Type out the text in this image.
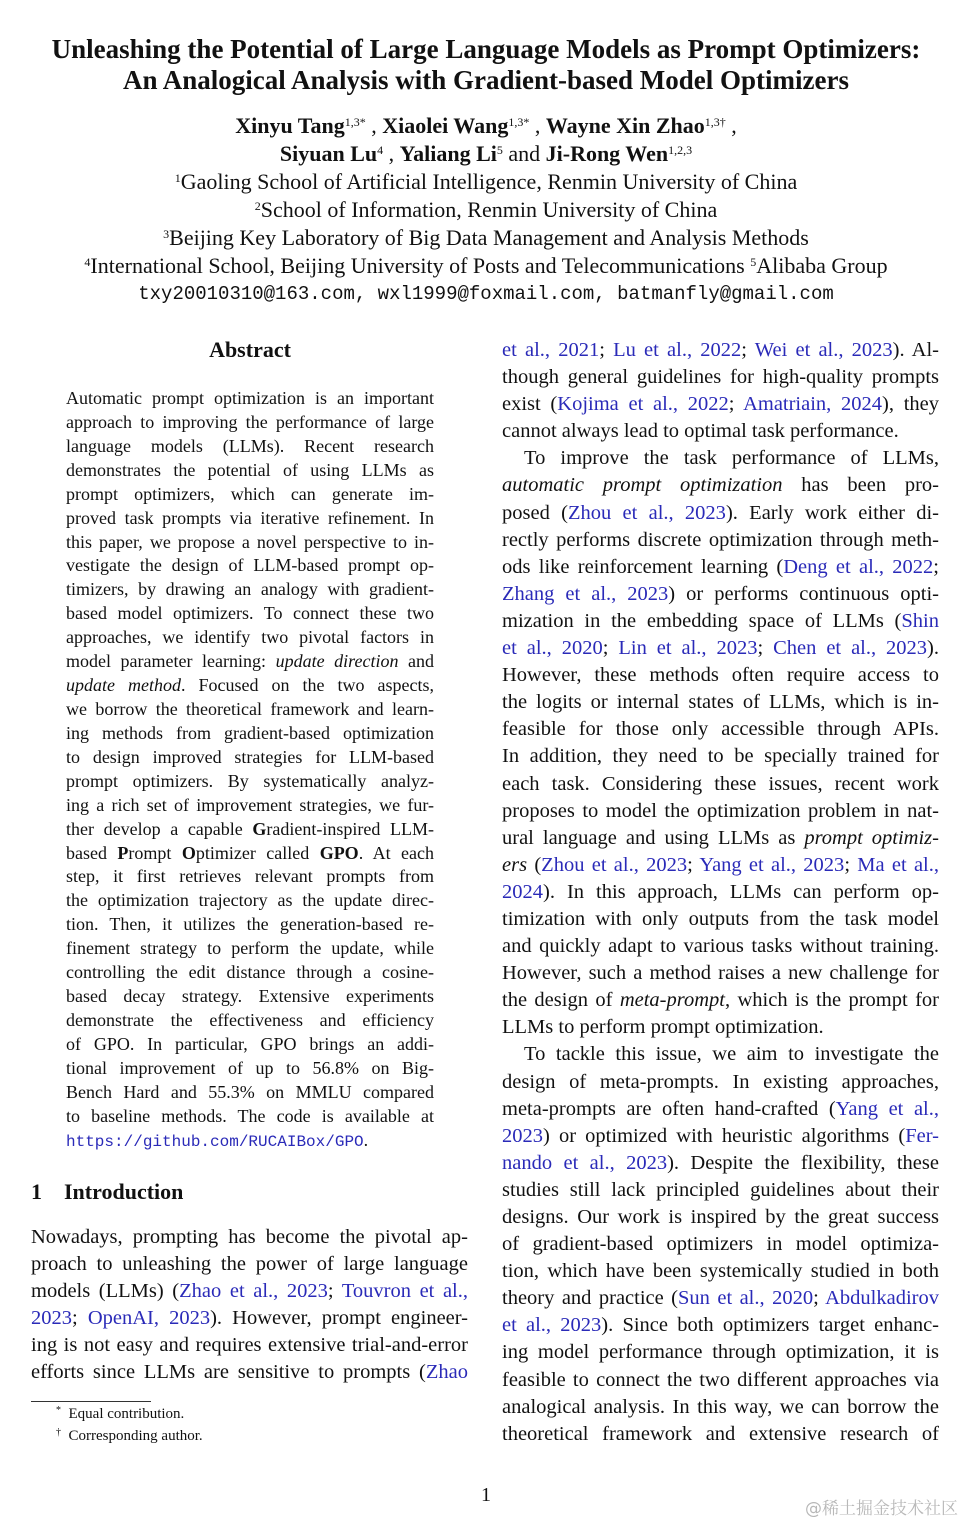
Unleashing the Potential of Large Language Models as Prompt Optimizers:
An Analogical Analysis with Gradient-based Model Optimizers
Xinyu Tang$^{1,3*}$ , Xiaolei Wang$^{1,3*}$ , Wayne Xin Zhao$^{1,3\dagger}$ ,
Siyuan Lu$^4$ , Yaliang Li$^5$ and Ji-Rong Wen$^{1,2,3}$
$^1$Gaoling School of Artificial Intelligence, Renmin University of China
$^2$School of Information, Renmin University of China
$^3$Beijing Key Laboratory of Big Data Management and Analysis Methods
$^4$International School, Beijing University of Posts and Telecommunications $^5$Alibaba Group
txy20010310@163.com, wxl1999@foxmail.com, batmanfly@gmail.com
Abstract
Automatic prompt optimization is an important
approach to improving the performance of large
language models (LLMs). Recent research
demonstrates the potential of using LLMs as
prompt optimizers, which can generate im-
proved task prompts via iterative refinement. In
this paper, we propose a novel perspective to in-
vestigate the design of LLM-based prompt op-
timizers, by drawing an analogy with gradient-
based model optimizers. To connect these two
approaches, we identify two pivotal factors in
model parameter learning: update direction and
update method. Focused on the two aspects,
we borrow the theoretical framework and learn-
ing methods from gradient-based optimization
to design improved strategies for LLM-based
prompt optimizers. By systematically analyz-
ing a rich set of improvement strategies, we fur-
ther develop a capable Gradient-inspired LLM-
based Prompt Optimizer called GPO. At each
step, it first retrieves relevant prompts from
the optimization trajectory as the update direc-
tion. Then, it utilizes the generation-based re-
finement strategy to perform the update, while
controlling the edit distance through a cosine-
based decay strategy. Extensive experiments
demonstrate the effectiveness and efficiency
of GPO. In particular, GPO brings an addi-
tional improvement of up to 56.8% on Big-
Bench Hard and 55.3% on MMLU compared
to baseline methods. The code is available at
https://github.com/RUCAIBox/GPO.
1 Introduction
Nowadays, prompting has become the pivotal ap-
proach to unleashing the power of large language
models (LLMs) (Zhao et al., 2023; Touvron et al.,
2023; OpenAI, 2023). However, prompt engineer-
ing is not easy and requires extensive trial-and-error
efforts since LLMs are sensitive to prompts (Zhao
* Equal contribution.
† Corresponding author.
et al., 2021; Lu et al., 2022; Wei et al., 2023). Al-
though general guidelines for high-quality prompts
exist (Kojima et al., 2022; Amatriain, 2024), they
cannot always lead to optimal task performance.
To improve the task performance of LLMs,
automatic prompt optimization has been pro-
posed (Zhou et al., 2023). Early work either di-
rectly performs discrete optimization through meth-
ods like reinforcement learning (Deng et al., 2022;
Zhang et al., 2023) or performs continuous opti-
mization in the embedding space of LLMs (Shin
et al., 2020; Lin et al., 2023; Chen et al., 2023).
However, these methods often require access to
the logits or internal states of LLMs, which is in-
feasible for those only accessible through APIs.
In addition, they need to be specially trained for
each task. Considering these issues, recent work
proposes to model the optimization problem in nat-
ural language and using LLMs as prompt optimiz-
ers (Zhou et al., 2023; Yang et al., 2023; Ma et al.,
2024). In this approach, LLMs can perform op-
timization with only outputs from the task model
and quickly adapt to various tasks without training.
However, such a method raises a new challenge for
the design of meta-prompt, which is the prompt for
LLMs to perform prompt optimization.
To tackle this issue, we aim to investigate the
design of meta-prompts. In existing approaches,
meta-prompts are often hand-crafted (Yang et al.,
2023) or optimized with heuristic algorithms (Fer-
nando et al., 2023). Despite the flexibility, these
studies still lack principled guidelines about their
designs. Our work is inspired by the great success
of gradient-based optimizers in model optimiza-
tion, which have been systemically studied in both
theory and practice (Sun et al., 2020; Abdulkadirov
et al., 2023). Since both optimizers target enhanc-
ing model performance through optimization, it is
feasible to connect the two different approaches via
analogical analysis. In this way, we can borrow the
theoretical framework and extensive research of
1
@稀土掘金技术社区
